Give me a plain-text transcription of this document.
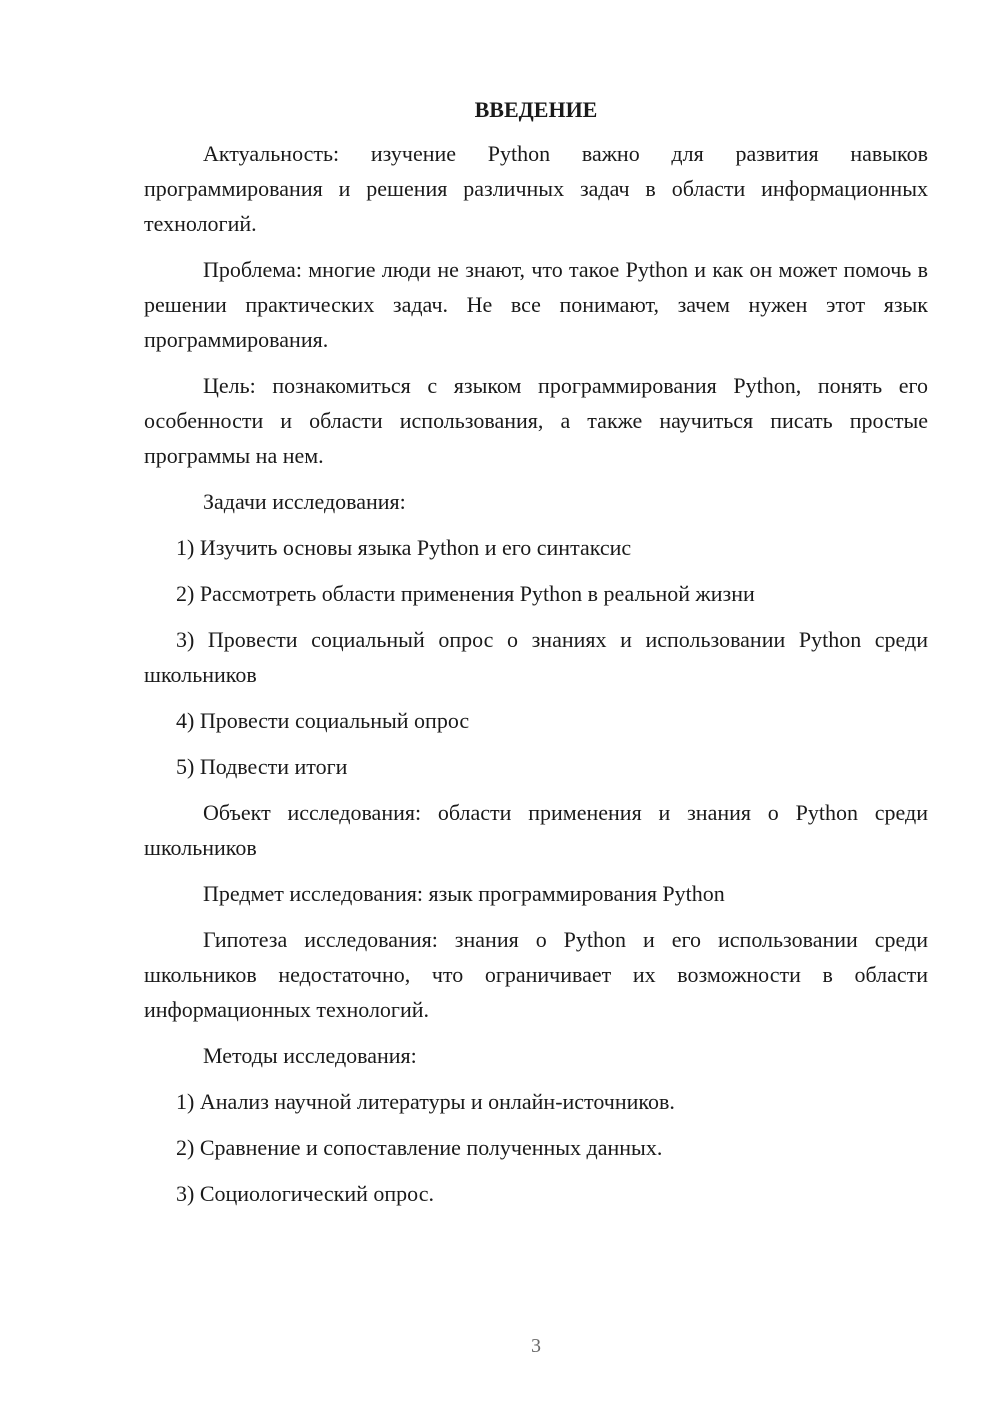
ВВЕДЕНИЕ

Актуальность: изучение Python важно для развития навыков программирования и решения различных задач в области информационных технологий.

Проблема: многие люди не знают, что такое Python и как он может помочь в решении практических задач. Не все понимают, зачем нужен этот язык программирования.

Цель: познакомиться с языком программирования Python, понять его особенности и области использования, а также научиться писать простые программы на нем.

Задачи исследования:

1) Изучить основы языка Python и его синтаксис

2) Рассмотреть области применения Python в реальной жизни

3) Провести социальный опрос о знаниях и использовании Python среди школьников

4) Провести социальный опрос

5) Подвести итоги

Объект исследования: области применения и знания о Python среди школьников

Предмет исследования: язык программирования Python

Гипотеза исследования: знания о Python и его использовании среди школьников недостаточно, что ограничивает их возможности в области информационных технологий.

Методы исследования:

1) Анализ научной литературы и онлайн-источников.

2) Сравнение и сопоставление полученных данных.

3) Социологический опрос.

3
